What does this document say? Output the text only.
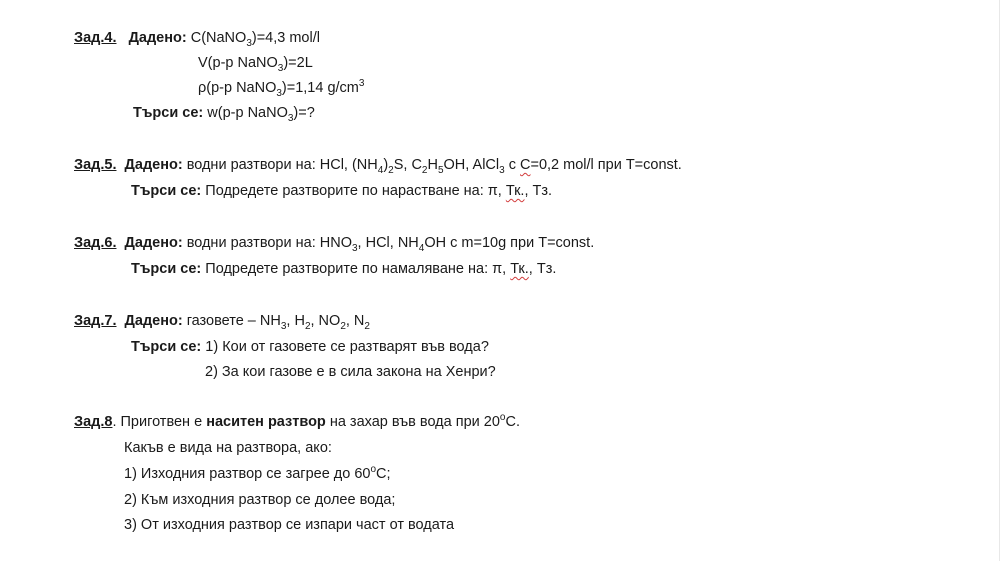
Зад.4. Дадено: C(NaNO$_3$)=4,3 mol/l
V(р-р NaNO$_3$)=2L
ρ(р-р NaNO$_3$)=1,14 $g/cm^3$
Търси се: w(р-р NaNO$_3$)=?
Зад.5. Дадено: водни разтвори на: HCl, $(NH_4)_2S$, $C_2H_5OH$, AlCl$_3$ с C=0,2 mol/l при T=const.
Търси се: Подредете разтворите по нарастване на: π, Тк., Тз.
Зад.6. Дадено: водни разтвори на: $HNO_3$, HCl, $NH_4OH$ с m=10g при T=const.
Търси се: Подредете разтворите по намаляване на: π, Тк., Тз.
Зад.7. Дадено: газовете – $NH_3$, $H_2$, $NO_2$, $N_2$
Търси се: 1) Кои от газовете се разтварят във вода?
2) За кои газове е в сила закона на Хенри?
Зад.8. Приготвен е наситен разтвор на захар във вода при 20$^o$C.
Какъв е вида на разтвора, ако:
1) Изходния разтвор се загрее до 60$^o$C;
2) Към изходния разтвор се долее вода;
3) От изходния разтвор се изпари част от водата
